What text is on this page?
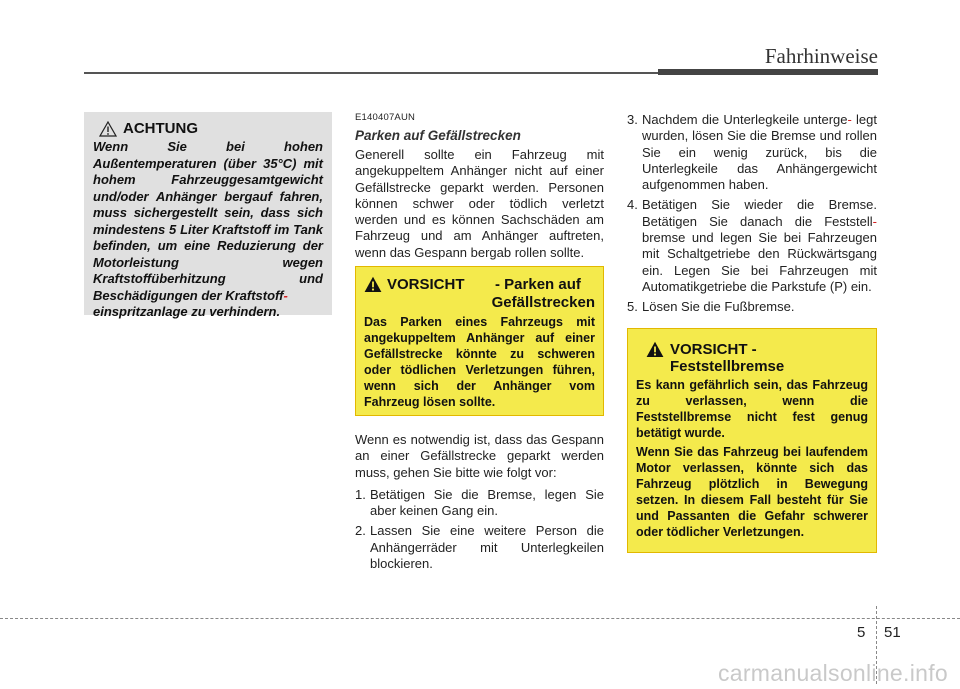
Fahrhinweise
ACHTUNG
Wenn Sie bei hohen Außentemperaturen (über 35°C) mit hohem Fahrzeuggesamtgewicht und/oder Anhänger bergauf fahren, muss sichergestellt sein, dass sich mindestens 5 Liter Kraftstoff im Tank befinden, um eine Reduzierung der Motorleistung wegen Kraftstoffüberhitzung und Beschädigungen der Kraftstoff-
einspritzanlage zu verhindern.
E140407AUN
Parken auf Gefällstrecken
Generell sollte ein Fahrzeug mit angekuppeltem Anhänger nicht auf einer Gefällstrecke geparkt werden. Personen können schwer oder tödlich verletzt werden und es können Sachschäden am Fahrzeug und am Anhänger auftreten, wenn das Gespann bergab rollen sollte.
VORSICHT - Parken auf
Gefällstrecken
Das Parken eines Fahrzeugs mit angekuppeltem Anhänger auf einer Gefällstrecke könnte zu schweren oder tödlichen Verletzungen führen, wenn sich der Anhänger vom Fahrzeug lösen sollte.
Wenn es notwendig ist, dass das Gespann an einer Gefällstrecke geparkt werden muss, gehen Sie bitte wie folgt vor:
1. Betätigen Sie die Bremse, legen Sie aber keinen Gang ein.
2. Lassen Sie eine weitere Person die Anhängerräder mit Unterlegkeilen blockieren.
3. Nachdem die Unterlegkeile unterge- legt wurden, lösen Sie die Bremse und rollen Sie ein wenig zurück, bis die Unterlegkeile das Anhängergewicht aufgenommen haben.
4. Betätigen Sie wieder die Bremse. Betätigen Sie danach die Feststell- bremse und legen Sie bei Fahrzeugen mit Schaltgetriebe den Rückwärtsgang ein. Legen Sie bei Fahrzeugen mit Automatikgetriebe die Parkstufe (P) ein.
5. Lösen Sie die Fußbremse.
VORSICHT -
Feststellbremse

Es kann gefährlich sein, das Fahrzeug zu verlassen, wenn die Feststellbremse nicht fest genug betätigt wurde.

Wenn Sie das Fahrzeug bei laufendem Motor verlassen, könnte sich das Fahrzeug plötzlich in Bewegung setzen. In diesem Fall besteht für Sie und Passanten die Gefahr schwerer oder tödlicher Verletzungen.

5 51
carmanualsonline.info
